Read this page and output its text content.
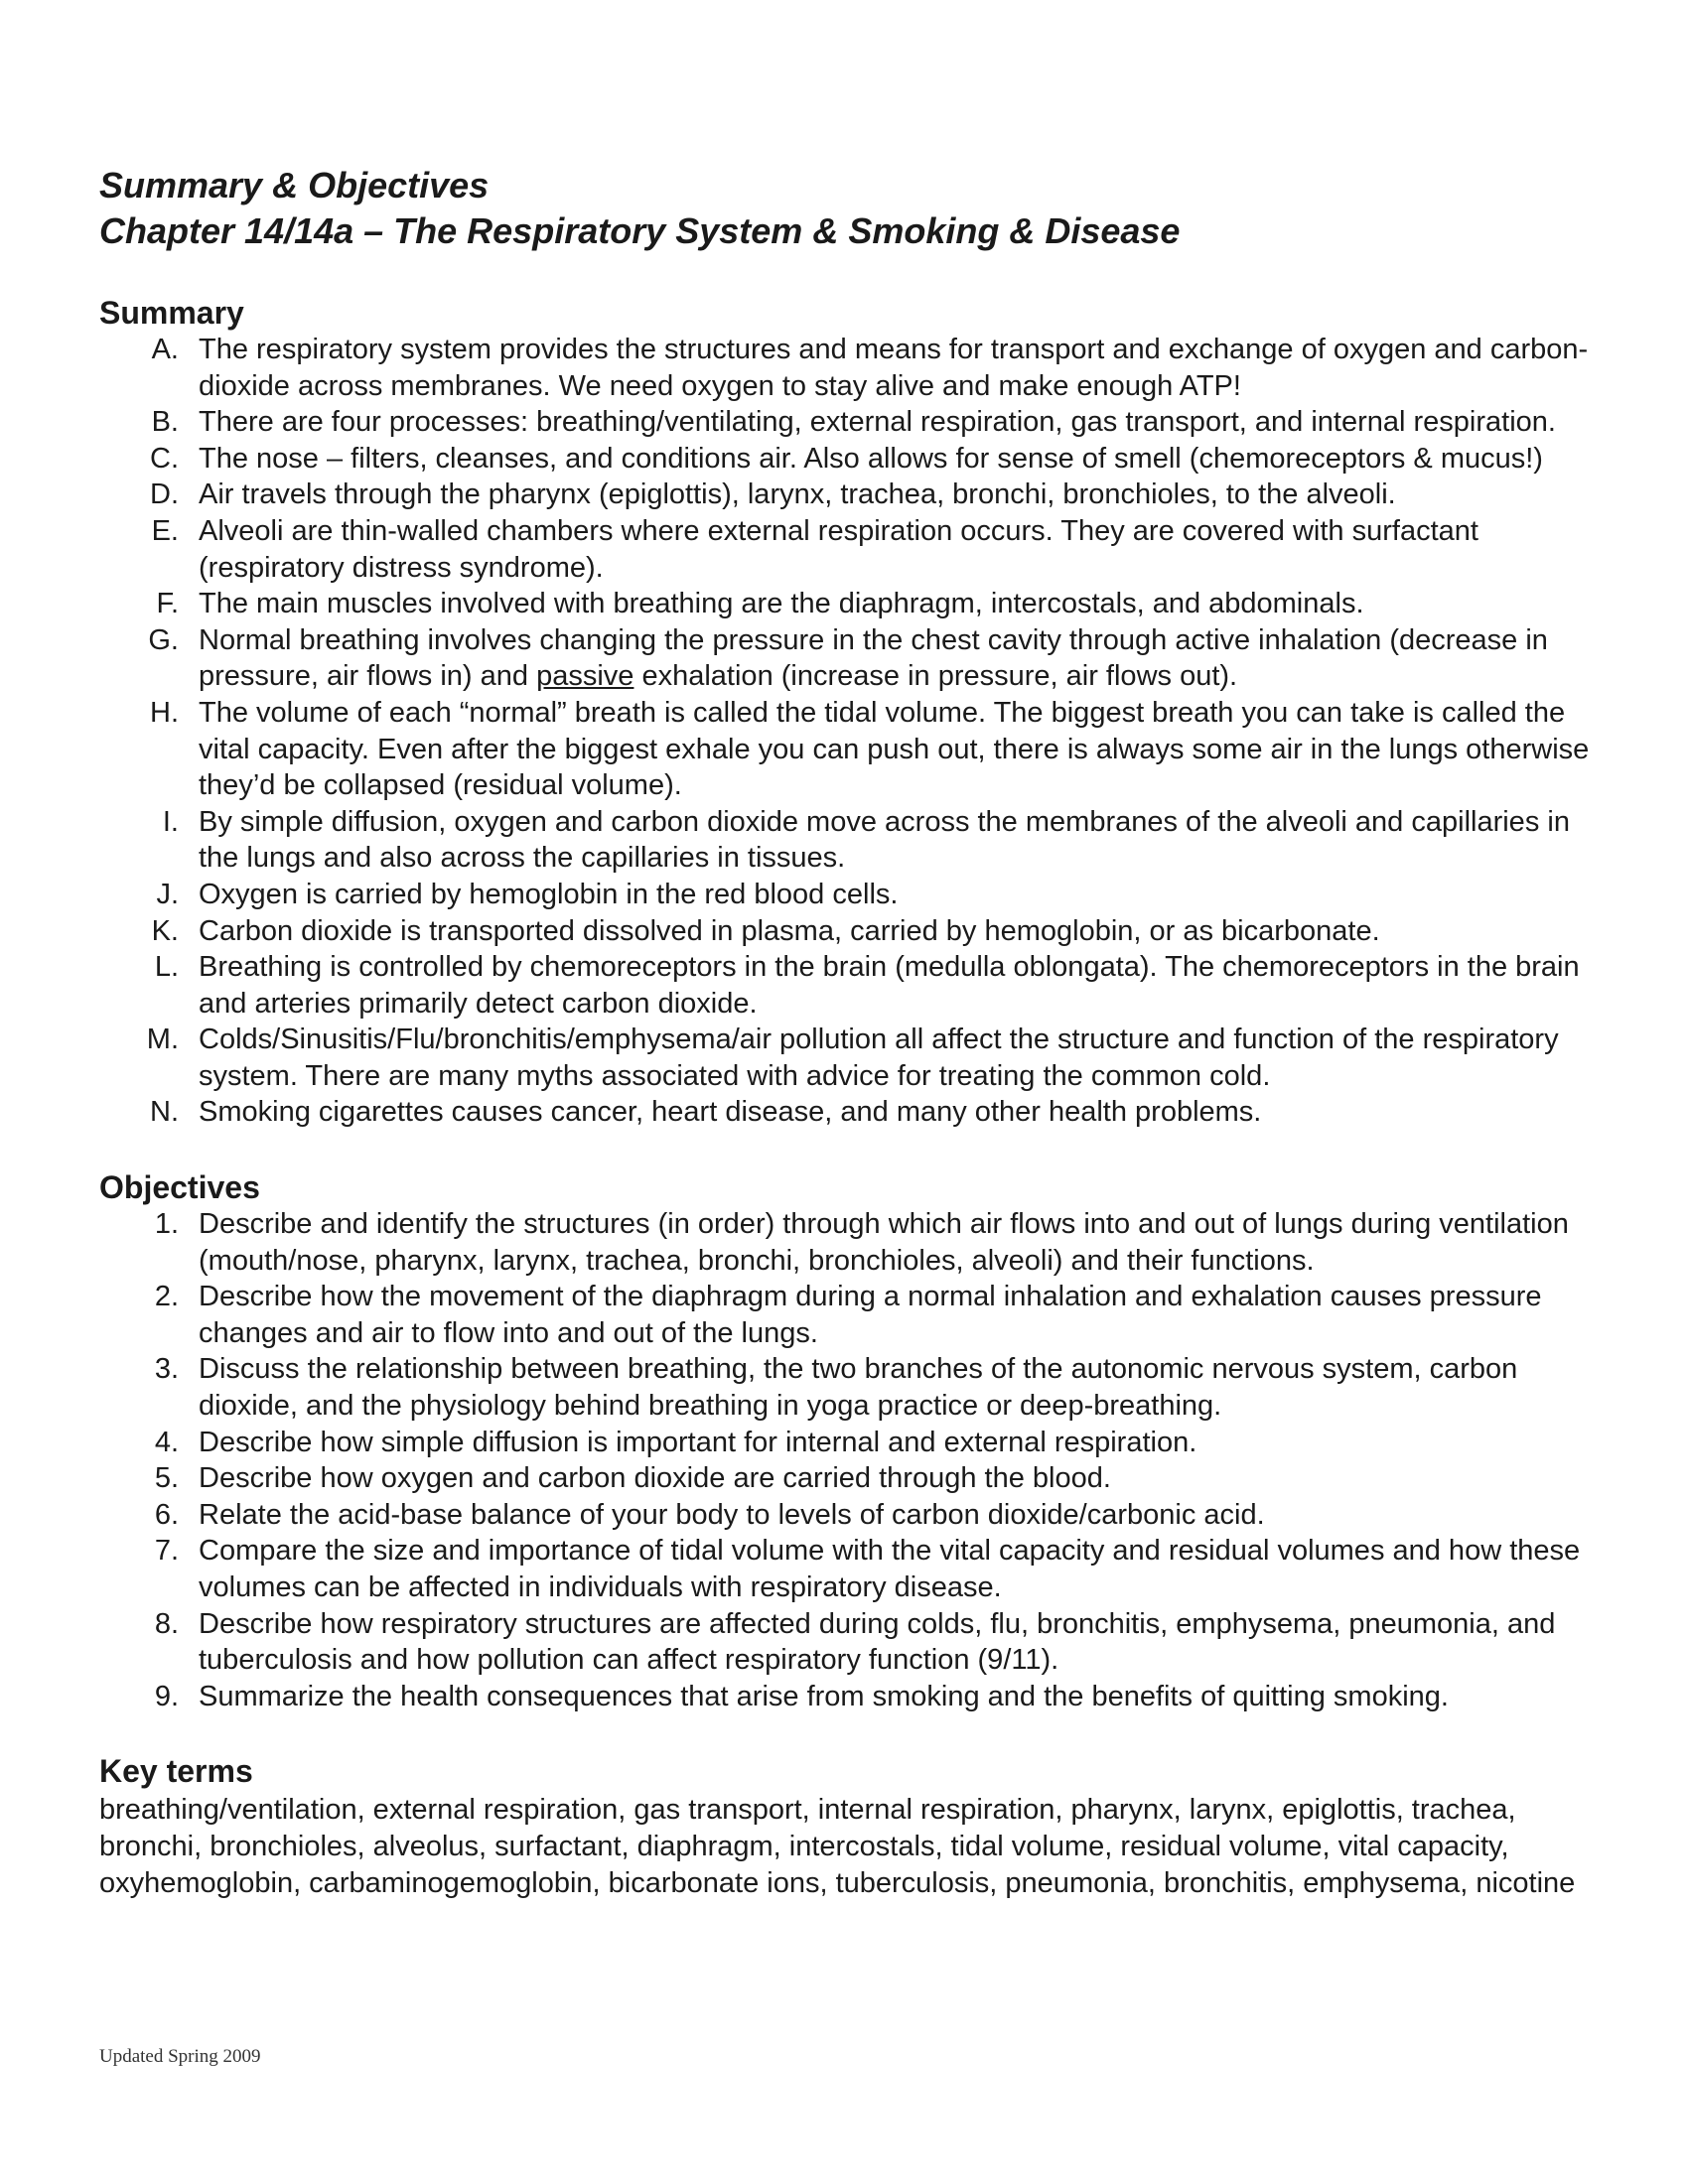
Summary & Objectives
Chapter 14/14a – The Respiratory System & Smoking & Disease
Summary
A. The respiratory system provides the structures and means for transport and exchange of oxygen and carbon-dioxide across membranes. We need oxygen to stay alive and make enough ATP!
B. There are four processes: breathing/ventilating, external respiration, gas transport, and internal respiration.
C. The nose – filters, cleanses, and conditions air. Also allows for sense of smell (chemoreceptors & mucus!)
D. Air travels through the pharynx (epiglottis), larynx, trachea, bronchi, bronchioles, to the alveoli.
E. Alveoli are thin-walled chambers where external respiration occurs. They are covered with surfactant (respiratory distress syndrome).
F. The main muscles involved with breathing are the diaphragm, intercostals, and abdominals.
G. Normal breathing involves changing the pressure in the chest cavity through active inhalation (decrease in pressure, air flows in) and passive exhalation (increase in pressure, air flows out).
H. The volume of each “normal” breath is called the tidal volume. The biggest breath you can take is called the vital capacity. Even after the biggest exhale you can push out, there is always some air in the lungs otherwise they’d be collapsed (residual volume).
I. By simple diffusion, oxygen and carbon dioxide move across the membranes of the alveoli and capillaries in the lungs and also across the capillaries in tissues.
J. Oxygen is carried by hemoglobin in the red blood cells.
K. Carbon dioxide is transported dissolved in plasma, carried by hemoglobin, or as bicarbonate.
L. Breathing is controlled by chemoreceptors in the brain (medulla oblongata). The chemoreceptors in the brain and arteries primarily detect carbon dioxide.
M. Colds/Sinusitis/Flu/bronchitis/emphysema/air pollution all affect the structure and function of the respiratory system. There are many myths associated with advice for treating the common cold.
N. Smoking cigarettes causes cancer, heart disease, and many other health problems.
Objectives
1. Describe and identify the structures (in order) through which air flows into and out of lungs during ventilation (mouth/nose, pharynx, larynx, trachea, bronchi, bronchioles, alveoli) and their functions.
2. Describe how the movement of the diaphragm during a normal inhalation and exhalation causes pressure changes and air to flow into and out of the lungs.
3. Discuss the relationship between breathing, the two branches of the autonomic nervous system, carbon dioxide, and the physiology behind breathing in yoga practice or deep-breathing.
4. Describe how simple diffusion is important for internal and external respiration.
5. Describe how oxygen and carbon dioxide are carried through the blood.
6. Relate the acid-base balance of your body to levels of carbon dioxide/carbonic acid.
7. Compare the size and importance of tidal volume with the vital capacity and residual volumes and how these volumes can be affected in individuals with respiratory disease.
8. Describe how respiratory structures are affected during colds, flu, bronchitis, emphysema, pneumonia, and tuberculosis and how pollution can affect respiratory function (9/11).
9. Summarize the health consequences that arise from smoking and the benefits of quitting smoking.
Key terms

breathing/ventilation, external respiration, gas transport, internal respiration, pharynx, larynx, epiglottis, trachea, bronchi, bronchioles, alveolus, surfactant, diaphragm, intercostals, tidal volume, residual volume, vital capacity, oxyhemoglobin, carbaminogemoglobin, bicarbonate ions, tuberculosis, pneumonia, bronchitis, emphysema, nicotine

Updated Spring 2009
